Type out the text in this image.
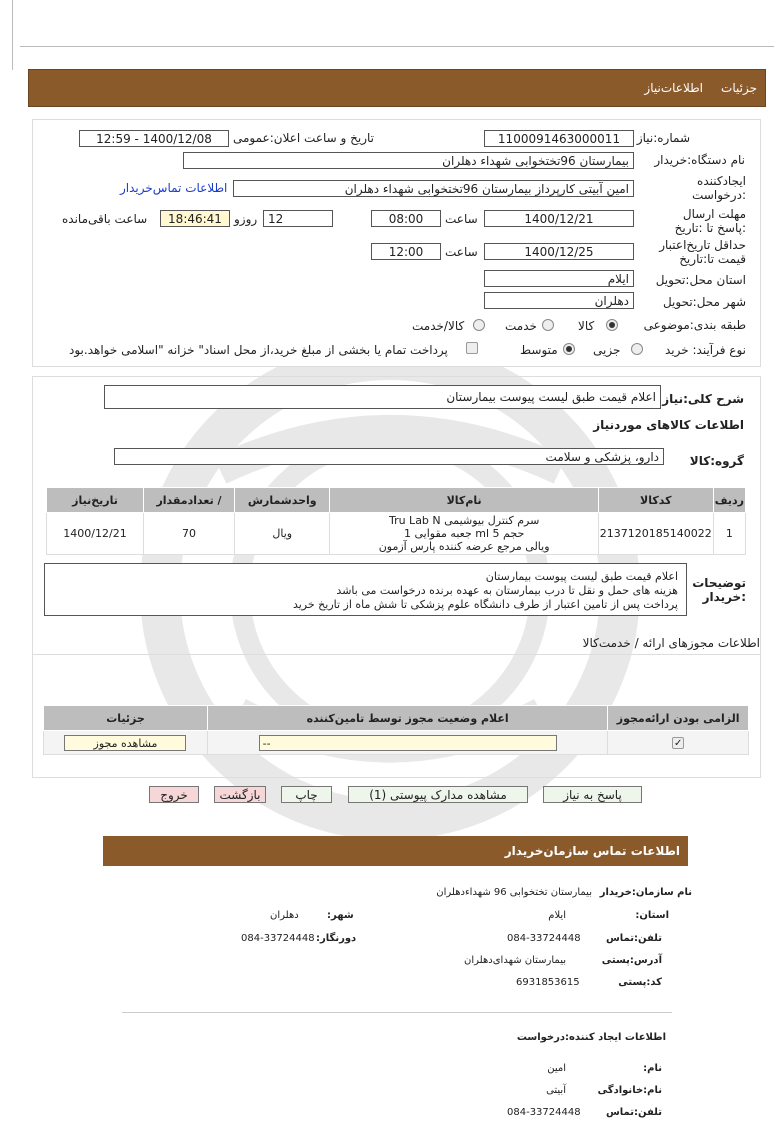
جزئیات
اطلاعات‌نیاز
شماره:نیاز
1100091463000011
تاریخ و ساعت اعلان:عمومی
1400/12/08 - 12:59
نام دستگاه:خریدار
بیمارستان 96تختخوابی شهداء دهلران
ایجادکننده :درخواست
امین آبیتی کارپرداز بیمارستان 96تختخوابی شهداء دهلران
اطلاعات تماس‌خریدار
مهلت ارسال :پاسخ تا :تاریخ
1400/12/21
ساعت
08:00
12
روزو
18:46:41
ساعت باقی‌مانده
حداقل تاریخ‌اعتبار قیمت تا:تاریخ
1400/12/25
ساعت
12:00
استان محل:تحویل
ایلام
شهر محل:تحویل
دهلران
طبقه بندی:موضوعی
کالا
خدمت
کالا/خدمت
نوع فرآیند: خرید
جزیی
متوسط
پرداخت تمام یا بخشی از مبلغ خرید،از محل اسناد" خزانه "اسلامی خواهد.بود
شرح کلی:نیاز
اعلام قیمت طبق لیست پیوست بیمارستان
اطلاعات کالاهای موردنیاز
گروه:کالا
دارو، پزشکی و سلامت
ردیف	کدکالا	نام‌کالا	واحدشمارش	/ تعدادمقدار	تاریخ‌نیاز
1	2137120185140022	سرم کنترل بیوشیمی Tru Lab N
حجم 5 ml جعبه مقوایی 1
ویالی مرجع عرضه کننده پارس آزمون	ویال	70	1400/12/21
توضیحات :خریدار
اعلام قیمت طبق لیست پیوست بیمارستان
هزینه های حمل و نقل تا درب بیمارستان به عهده برنده درخواست می باشد
پرداخت پس از تامین اعتبار از طرف دانشگاه علوم پزشکی تا شش ماه از تاریخ خرید
اطلاعات مجوزهای ارائه / خدمت‌کالا
الزامی بودن ارائه‌مجوز	اعلام وضعیت مجوز توسط تامین‌کننده	جزئیات
✓	--	مشاهده مجوز
پاسخ به نیاز
مشاهده مدارک پیوستی (1)
چاپ
بازگشت
خروج
اطلاعات تماس سازمان‌خریدار
نام سازمان:خریدار
بیمارستان تختخوابی 96 شهداءدهلران
استان:
ایلام
شهر:
دهلران
تلفن:تماس
084-33724448
دورنگار:
084-33724448
آدرس:پستی
بیمارستان شهدای‌دهلران
کد:پستی
6931853615
اطلاعات ایجاد کننده:درخواست
نام:
امین
نام:خانوادگی
آبیتی
تلفن:تماس
084-33724448
